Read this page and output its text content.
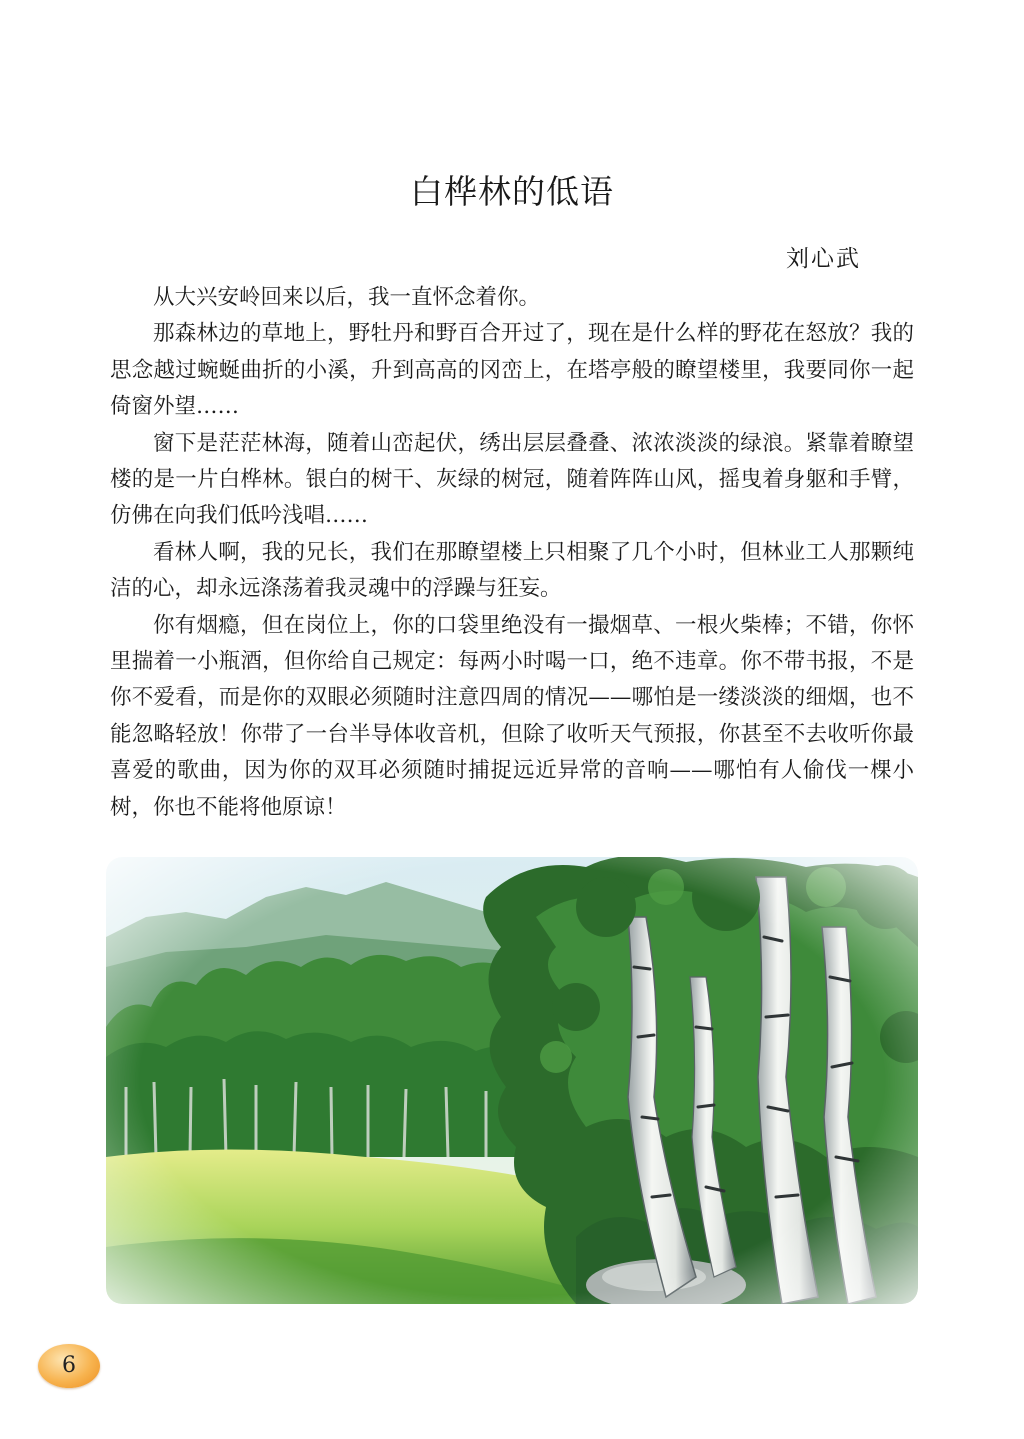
白桦林的低语
刘心武

从大兴安岭回来以后，我一直怀念着你。

那森林边的草地上，野牡丹和野百合开过了，现在是什么样的野花在怒放？我的思念越过蜿蜒曲折的小溪，升到高高的冈峦上，在塔亭般的瞭望楼里，我要同你一起倚窗外望……

窗下是茫茫林海，随着山峦起伏，绣出层层叠叠、浓浓淡淡的绿浪。紧靠着瞭望楼的是一片白桦林。银白的树干、灰绿的树冠，随着阵阵山风，摇曳着身躯和手臂，仿佛在向我们低吟浅唱……

看林人啊，我的兄长，我们在那瞭望楼上只相聚了几个小时，但林业工人那颗纯洁的心，却永远涤荡着我灵魂中的浮躁与狂妄。

你有烟瘾，但在岗位上，你的口袋里绝没有一撮烟草、一根火柴棒；不错，你怀里揣着一小瓶酒，但你给自己规定：每两小时喝一口，绝不违章。你不带书报，不是你不爱看，而是你的双眼必须随时注意四周的情况——哪怕是一缕淡淡的细烟，也不能忽略轻放！你带了一台半导体收音机，但除了收听天气预报，你甚至不去收听你最喜爱的歌曲，因为你的双耳必须随时捕捉远近异常的音响——哪怕有人偷伐一棵小树，你也不能将他原谅！

6
